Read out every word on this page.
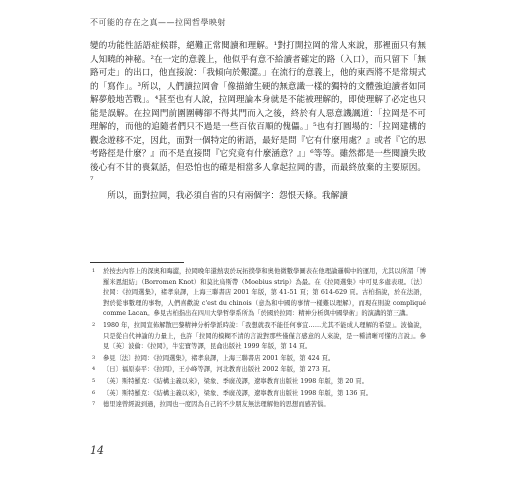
不可能的存在之真——拉岡哲學映射

變的功能性話語症候群，絕難正常閱讀和理解。¹對打開拉岡的常人來說，那裡面只有無人知曉的神秘。²在一定的意義上，他似乎有意不給讀者確定的路（入口），而只留下「無路可走」的出口，他直接說：「我傾向於艱澀。」在流行的意義上，他的東西將不是常規式的「寫作」。³所以，人們讀拉岡會「像描繪生硬的無意識一樣的獨特的文體強迫讀者如同解夢般地苦戰」。⁴甚至也有人說，拉岡理論本身就是不能被理解的，即使理解了必定也只能是誤解。在拉岡門前圍圍轉卻不得其門而入之後，終於有人惡意譏諷道：「拉岡是不可理解的，而他的追隨者們只不過是一些百依百順的傀儡。」⁵也有打圓場的：「拉岡建構的觀念遊移不定，因此，面對一個特定的術語，最好是問『它有什麼用處？』或者『它的思考路徑是什麼？』而不是直接問『它究竟有什麼涵意？』」⁶等等。雖然都是一些閱讀失敗後心有不甘的喪氣話，但恐怕也的確是相當多人拿起拉岡的書，而最終放棄的主要原因。⁷

所以，面對拉岡，我必須自省的只有兩個字：怨恨天條。我解讀

1	於按去內容上的深奧和晦澀，拉岡晚年還熱衷於玩拓撲學和奧他微數學圖表在他理論邏輯中的運用，尤其以所謂「博羅米恩紐結」（Borromen Knot）和莫比烏斯帶（Moebius strip）為最。在《拉岡選集》中可見多處表現。〔法〕拉岡：《拉岡選集》，褚孝泉譯，上海三聯書店 2001 年版，第 41-51 頁；第 614-629 頁。古柏指說，於在法語，對於從事數理的事物，人們喜歡說 c'est du chinois（意為和中國的事情一樣難以理解），而現在則說 compliqué comme Lacan。參見古柏指出在四川大學哲學系所為「於國於拉岡：精神分析與中國學術」的演講的第三講。
2	1980 年，拉岡宣佈解散巴黎精神分析學派時說：「我想就我不能任何事宜……尤其不能成人理解的希望」。波倫說，只是從自代神諭的力量上，也許「拉岡的模糊不清的言說對那些僅僅言感意的人來說，是一種清晰可懂的言說」。參見〔英〕波倫：《拉岡》，牛宏寶等譯，昆侖出版社 1999 年版，第 14 頁。
3	參見〔法〕拉岡：《拉岡選集》，褚孝泉譯，上海三聯書店 2001 年版，第 424 頁。
4	〔日〕福原泰平：《拉岡》，王小峰等譯，河北教育出版社 2002 年版，第 273 頁。
5	〔英〕斯特羅克：《結構主義以來》，梁象、季廣茂譯，遼寧教育出版社 1998 年版，第 20 頁。
6	〔英〕斯特羅克：《結構主義以來》，梁象、季廣茂譯，遼寧教育出版社 1998 年版，第 136 頁。
7	德里達曾經說到過，拉岡也一度因為自己的不少朋友無法理解他的思想而感苦惱。
14
